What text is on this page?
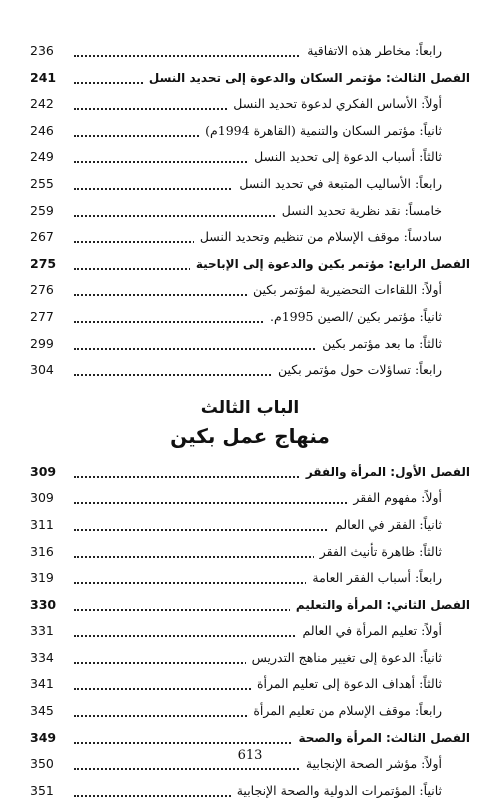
رابعاً: مخاطر هذه الاتفاقية
236
الفصل الثالث: مؤتمر السكان والدعوة إلى تحديد النسل
241
أولاً: الأساس الفكري لدعوة تحديد النسل
242
ثانياً: مؤتمر السكان والتنمية (القاهرة 1994م)
246
ثالثاً: أسباب الدعوة إلى تحديد النسل
249
رابعاً: الأساليب المتبعة في تحديد النسل
255
خامساً: نقد نظرية تحديد النسل
259
سادساً: موقف الإسلام من تنظيم وتحديد النسل
267
الفصل الرابع: مؤتمر بكين والدعوة إلى الإباحية
275
أولاً: اللقاءات التحضيرية لمؤتمر بكين
276
ثانياً: مؤتمر بكين /الصين 1995م.
277
ثالثاً: ما بعد مؤتمر بكين
299
رابعاً: تساؤلات حول مؤتمر بكين
304
الباب الثالث
منهاج عمل بكين
الفصل الأول: المرأة والفقر
309
أولاً: مفهوم الفقر
309
ثانياً: الفقر في العالم
311
ثالثاً: ظاهرة تأنيث الفقر
316
رابعاً: أسباب الفقر العامة
319
الفصل الثاني: المرأة والتعليم
330
أولاً: تعليم المرأة في العالم
331
ثانياً: الدعوة إلى تغيير مناهج التدريس
334
ثالثاً: أهداف الدعوة إلى تعليم المرأة
341
رابعاً: موقف الإسلام من تعليم المرأة
345
الفصل الثالث: المرأة والصحة
349
أولاً: مؤشر الصحة الإنجابية
350
ثانياً: المؤتمرات الدولية والصحة الإنجابية
351
613
